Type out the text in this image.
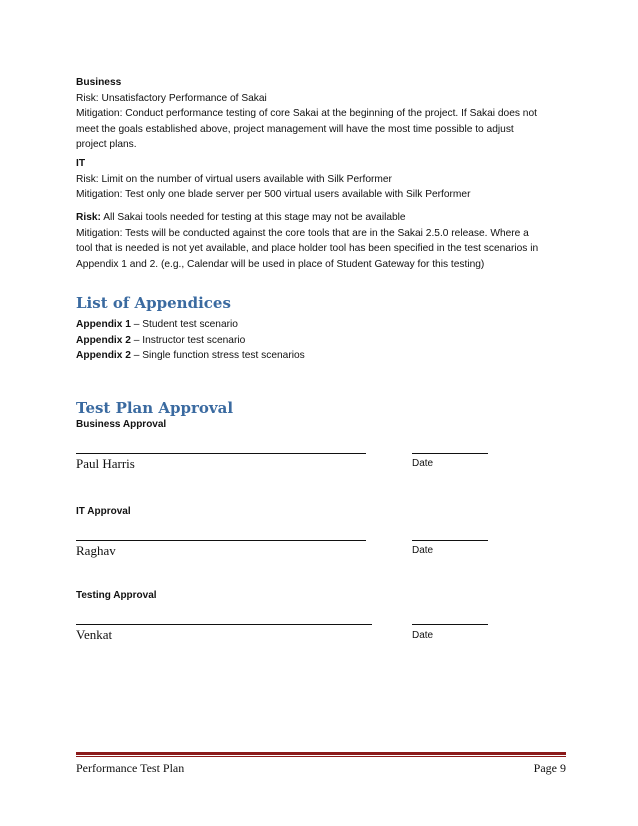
Business
Risk: Unsatisfactory Performance of Sakai
Mitigation: Conduct performance testing of core Sakai at the beginning of the project. If Sakai does not
meet the goals established above, project management will have the most time possible to adjust
project plans.
IT
Risk: Limit on the number of virtual users available with Silk Performer
Mitigation: Test only one blade server per 500 virtual users available with Silk Performer
Risk: All Sakai tools needed for testing at this stage may not be available
Mitigation: Tests will be conducted against the core tools that are in the Sakai 2.5.0 release. Where a
tool that is needed is not yet available, and place holder tool has been specified in the test scenarios in
Appendix 1 and 2. (e.g., Calendar will be used in place of Student Gateway for this testing)
List of Appendices
Appendix 1 – Student test scenario
Appendix 2 – Instructor test scenario
Appendix 2 – Single function stress test scenarios
Test Plan Approval
Business Approval
Paul Harris	Date
IT Approval
Raghav	Date
Testing Approval
Venkat	Date
Performance Test Plan	Page 9
